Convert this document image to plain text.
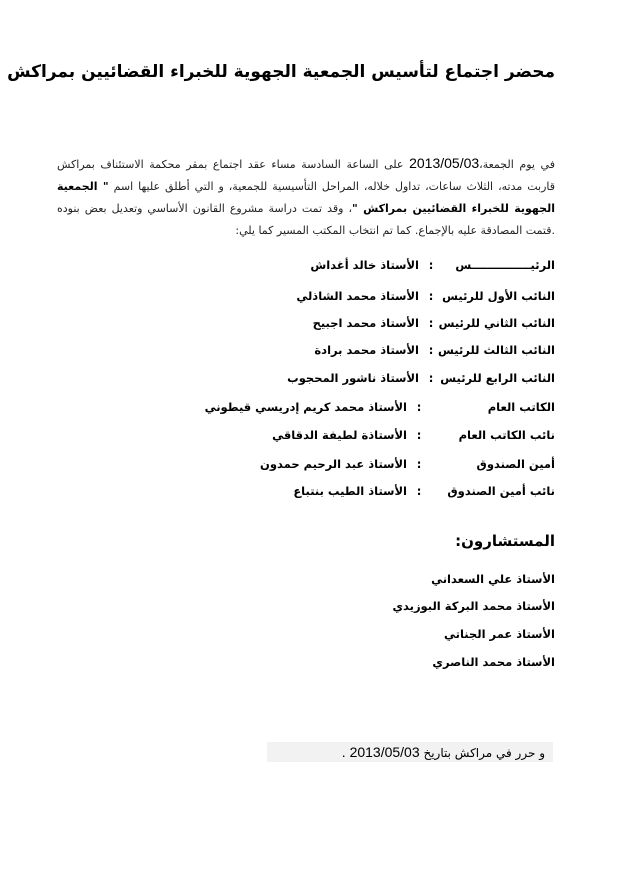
محضر اجتماع لتأسيس الجمعية الجهوية للخبراء القضائيين بمراكش
في يوم الجمعة،2013/05/03 على الساعة السادسة مساء عقد اجتماع بمقر محكمة الاستئناف بمراكش قاربت مدته، الثلاث ساعات، تداول خلاله، المراحل التأسيسية للجمعية، و التي أطلق عليها اسم " الجمعية الجهوية للخبراء القضائيين بمراكش "، وقد تمت دراسة مشروع القانون الأساسي وتعديل بعض بنوده .قتمت المصادقة عليه بالإجماع. كما تم انتخاب المكتب المسير كما يلي:
الرئيـــــــــــــــس: الأستاذ خالد أغداش
النائب الأول للرئيس: الأستاذ محمد الشاذلي
النائب الثاني للرئيس: الأستاذ محمد اجبيح
النائب الثالث للرئيس: الأستاذ محمد برادة
النائب الرابع للرئيس: الأستاذ ناشور المحجوب
الكاتب العام: الأستاذ محمد كريم إدريسي قيطوني
نائب الكاتب العام: الأستاذة لطيفة الدقاقي
أمين الصندوق: الأستاذ عبد الرحيم حمدون
نائب أمين الصندوق: الأستاذ الطيب بنتباع
المستشارون:
الأستاذ علي السعداني
الأستاذ محمد البركة البوزيدي
الأستاذ عمر الجناتي
الأستاذ محمد الناصري
و حرر في مراكش بتاريخ 2013/05/03 .
